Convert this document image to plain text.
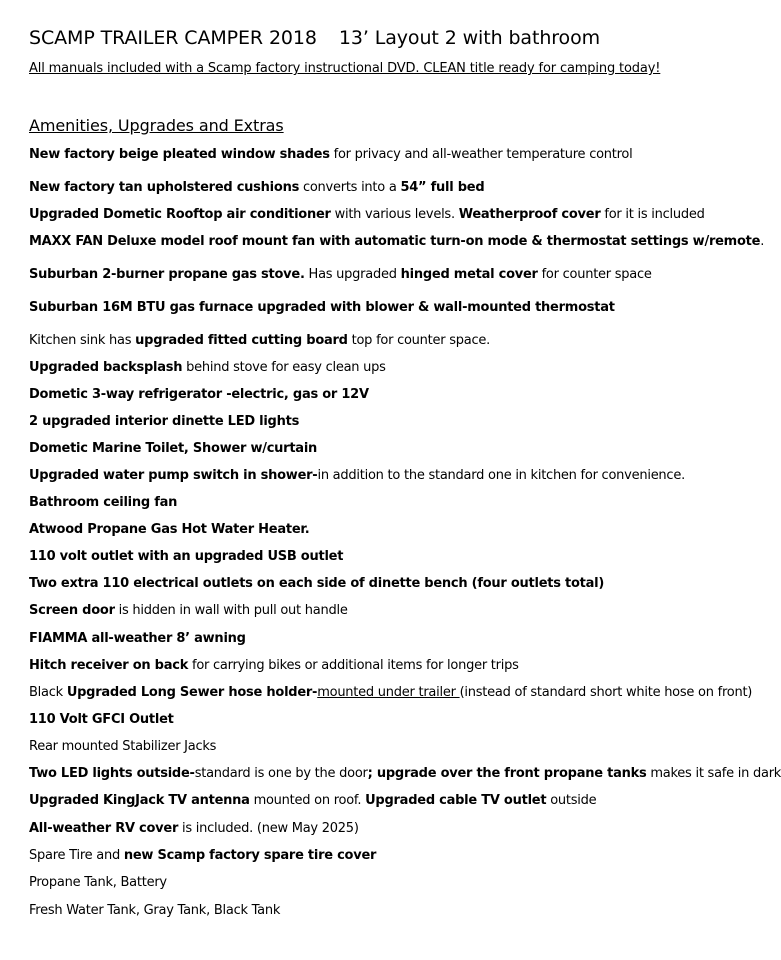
SCAMP TRAILER CAMPER 2018 13’ Layout 2 with bathroom
All manuals included with a Scamp factory instructional DVD. CLEAN title ready for camping today!
Amenities, Upgrades and Extras
New factory beige pleated window shades for privacy and all-weather temperature control
New factory tan upholstered cushions converts into a 54” full bed
Upgraded Dometic Rooftop air conditioner with various levels. Weatherproof cover for it is included
MAXX FAN Deluxe model roof mount fan with automatic turn-on mode & thermostat settings w/remote.
Suburban 2-burner propane gas stove. Has upgraded hinged metal cover for counter space
Suburban 16M BTU gas furnace upgraded with blower & wall-mounted thermostat
Kitchen sink has upgraded fitted cutting board top for counter space.
Upgraded backsplash behind stove for easy clean ups
Dometic 3-way refrigerator -electric, gas or 12V
2 upgraded interior dinette LED lights
Dometic Marine Toilet, Shower w/curtain
Upgraded water pump switch in shower-in addition to the standard one in kitchen for convenience.
Bathroom ceiling fan
Atwood Propane Gas Hot Water Heater.
110 volt outlet with an upgraded USB outlet
Two extra 110 electrical outlets on each side of dinette bench (four outlets total)
Screen door is hidden in wall with pull out handle
FIAMMA all-weather 8’ awning
Hitch receiver on back for carrying bikes or additional items for longer trips
Black Upgraded Long Sewer hose holder-mounted under trailer (instead of standard short white hose on front)
110 Volt GFCI Outlet
Rear mounted Stabilizer Jacks
Two LED lights outside-standard is one by the door; upgrade over the front propane tanks makes it safe in dark
Upgraded KingJack TV antenna mounted on roof. Upgraded cable TV outlet outside
All-weather RV cover is included. (new May 2025)
Spare Tire and new Scamp factory spare tire cover
Propane Tank, Battery
Fresh Water Tank, Gray Tank, Black Tank
